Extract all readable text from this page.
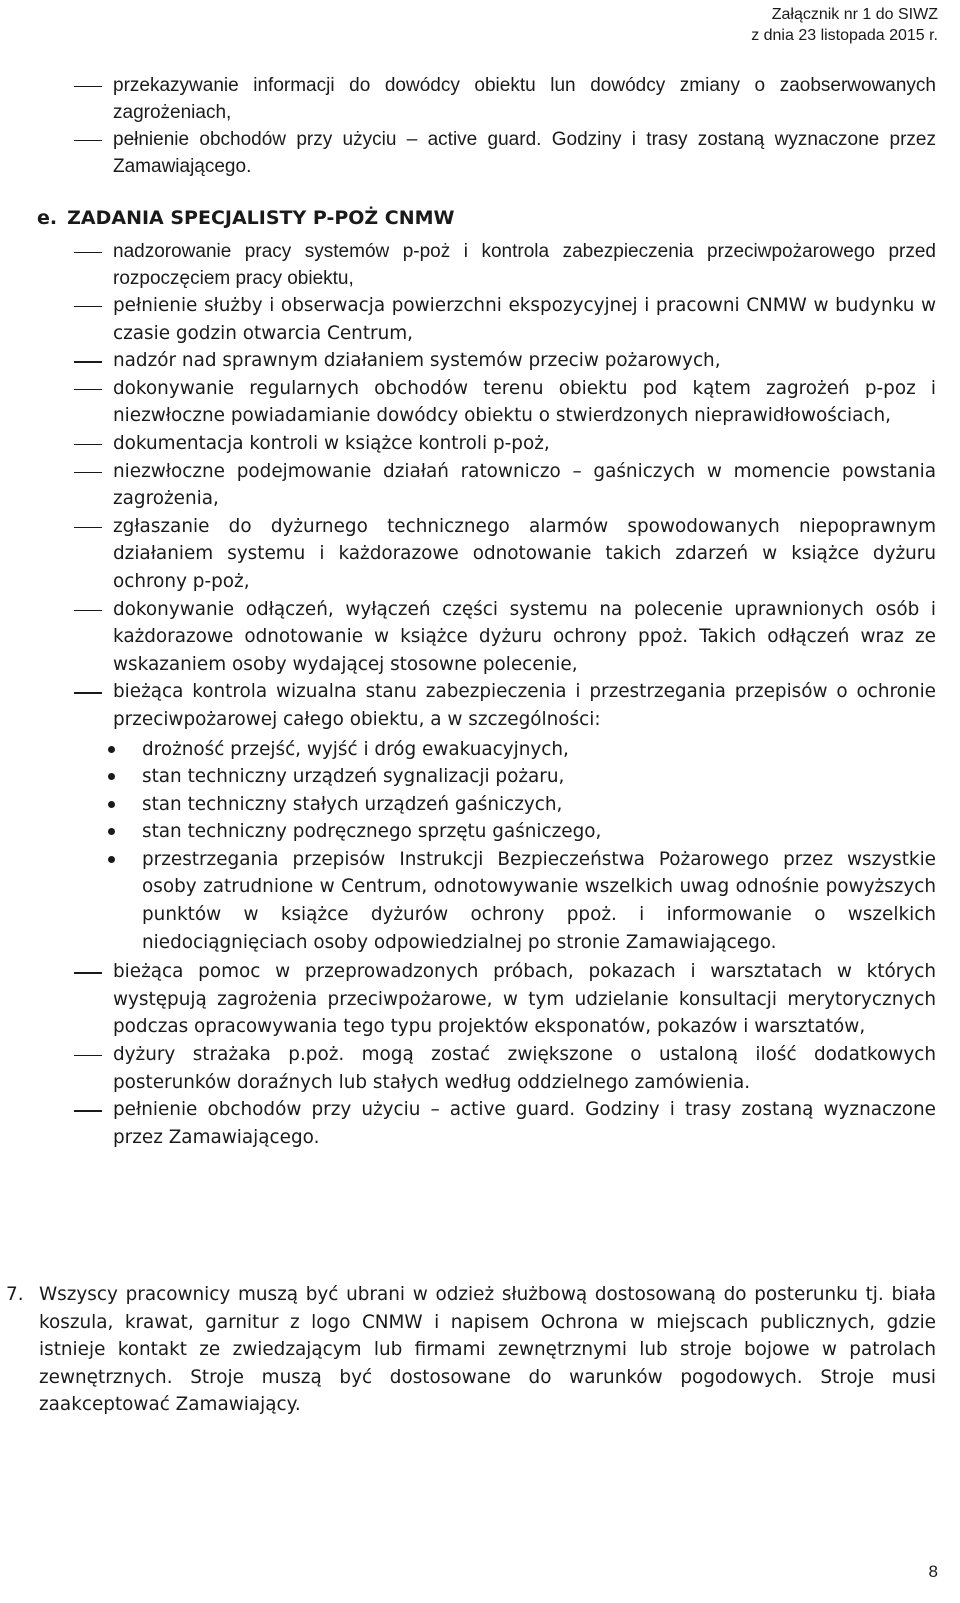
Załącznik nr 1 do SIWZ
z dnia 23 listopada 2015 r.
przekazywanie informacji do dowódcy obiektu lun dowódcy zmiany o zaobserwowanych zagrożeniach,
pełnienie obchodów przy użyciu – active guard. Godziny i trasy zostaną wyznaczone przez Zamawiającego.
e. ZADANIA SPECJALISTY P-POŻ CNMW
nadzorowanie pracy systemów p-poż i kontrola zabezpieczenia przeciwpożarowego przed rozpoczęciem pracy obiektu,
pełnienie służby i obserwacja powierzchni ekspozycyjnej i pracowni CNMW w budynku w czasie godzin otwarcia Centrum,
nadzór nad sprawnym działaniem systemów przeciw pożarowych,
dokonywanie regularnych obchodów terenu obiektu pod kątem zagrożeń p-poz i niezwłoczne powiadamianie dowódcy obiektu o stwierdzonych nieprawidłowościach,
dokumentacja kontroli w książce kontroli p-poż,
niezwłoczne podejmowanie działań ratowniczo – gaśniczych w momencie powstania zagrożenia,
zgłaszanie do dyżurnego technicznego alarmów spowodowanych niepoprawnym działaniem systemu i każdorazowe odnotowanie takich zdarzeń w książce dyżuru ochrony p-poż,
dokonywanie odłączeń, wyłączeń części systemu na polecenie uprawnionych osób i każdorazowe odnotowanie w książce dyżuru ochrony ppoż. Takich odłączeń wraz ze wskazaniem osoby wydającej stosowne polecenie,
bieżąca kontrola wizualna stanu zabezpieczenia i przestrzegania przepisów o ochronie przeciwpożarowej całego obiektu, a w szczególności:
drożność przejść, wyjść i dróg ewakuacyjnych,
stan techniczny urządzeń sygnalizacji pożaru,
stan techniczny stałych urządzeń gaśniczych,
stan techniczny podręcznego sprzętu gaśniczego,
przestrzegania przepisów Instrukcji Bezpieczeństwa Pożarowego przez wszystkie osoby zatrudnione w Centrum, odnotowywanie wszelkich uwag odnośnie powyższych punktów w książce dyżurów ochrony ppoż. i informowanie o wszelkich niedociągnięciach osoby odpowiedzialnej po stronie Zamawiającego.
bieżąca pomoc w przeprowadzonych próbach, pokazach i warsztatach w których występują zagrożenia przeciwpożarowe, w tym udzielanie konsultacji merytorycznych podczas opracowywania tego typu projektów eksponatów, pokazów i warsztatów,
dyżury strażaka p.poż. mogą zostać zwiększone o ustaloną ilość dodatkowych posterunków doraźnych lub stałych według oddzielnego zamówienia.
pełnienie obchodów przy użyciu – active guard. Godziny i trasy zostaną wyznaczone przez Zamawiającego.
7. Wszyscy pracownicy muszą być ubrani w odzież służbową dostosowaną do posterunku tj. biała koszula, krawat, garnitur z logo CNMW i napisem Ochrona w miejscach publicznych, gdzie istnieje kontakt ze zwiedzającym lub firmami zewnętrznymi lub stroje bojowe w patrolach zewnętrznych. Stroje muszą być dostosowane do warunków pogodowych. Stroje musi zaakceptować Zamawiający.
8
